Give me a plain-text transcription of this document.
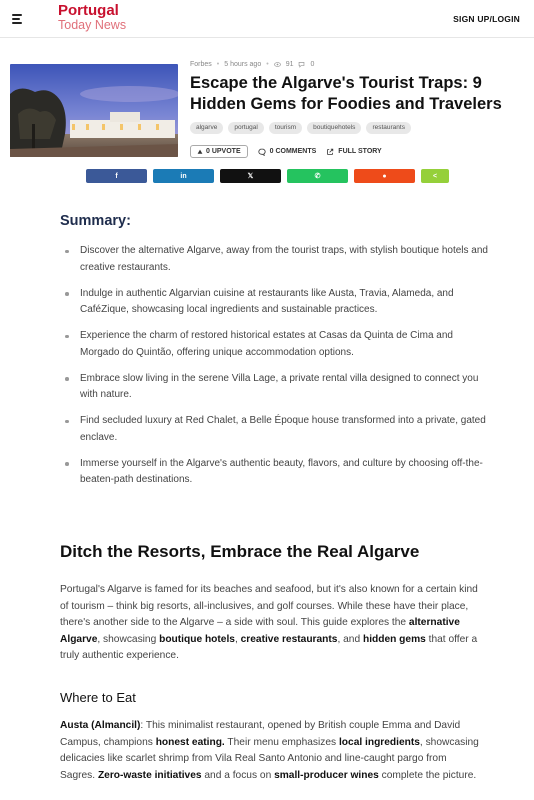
Portugal
Today News	SIGN UP/LOGIN
Forbes • 5 hours ago • 91 0
Escape the Algarve's Tourist Traps: 9 Hidden Gems for Foodies and Travelers
algarve	portugal	tourism	boutiquehotels	restaurants
0 UPVOTE	0 COMMENTS	FULL STORY
f	in	𝕏	✆	●	<
Summary:
Discover the alternative Algarve, away from the tourist traps, with stylish boutique hotels and creative restaurants.
Indulge in authentic Algarvian cuisine at restaurants like Austa, Travia, Alameda, and CaféZique, showcasing local ingredients and sustainable practices.
Experience the charm of restored historical estates at Casas da Quinta de Cima and Morgado do Quintão, offering unique accommodation options.
Embrace slow living in the serene Villa Lage, a private rental villa designed to connect you with nature.
Find secluded luxury at Red Chalet, a Belle Époque house transformed into a private, gated enclave.
Immerse yourself in the Algarve's authentic beauty, flavors, and culture by choosing off-the-beaten-path destinations.
Ditch the Resorts, Embrace the Real Algarve

Portugal's Algarve is famed for its beaches and seafood, but it's also known for a certain kind of tourism – think big resorts, all-inclusives, and golf courses. While these have their place, there's another side to the Algarve – a side with soul. This guide explores the alternative Algarve, showcasing boutique hotels, creative restaurants, and hidden gems that offer a truly authentic experience.

Where to Eat

Austa (Almancil): This minimalist restaurant, opened by British couple Emma and David Campus, champions honest eating. Their menu emphasizes local ingredients, showcasing delicacies like scarlet shrimp from Vila Real Santo Antonio and line-caught pargo from Sagres. Zero-waste initiatives and a focus on small-producer wines complete the picture.
